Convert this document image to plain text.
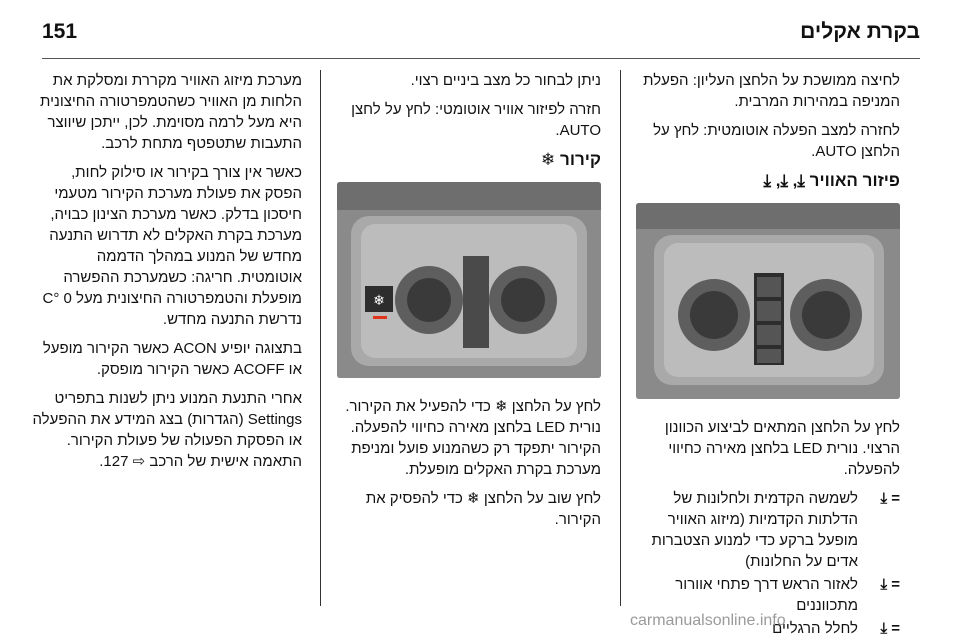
151	בקרת אקלים

לחיצה ממושכת על הלחצן העליון: הפעלת המניפה במהירות המרבית.

לחזרה למצב הפעלה אוטומטית: לחץ על הלחצן AUTO.

פיזור האוויר ⤓, ⤓, ⤓

לחץ על הלחצן המתאים לביצוע הכוונון הרצוי. נורית LED בלחצן מאירה כחיווי להפעלה.

⤓ =
לשמשה הקדמית ולחלונות של הדלתות הקדמיות (מיזוג האוויר מופעל ברקע כדי למנוע הצטברות אדים על החלונות)
⤓ =
לאזור הראש דרך פתחי אוורור מתכווננים
⤓ =
לחלל הרגליים

ניתן לבחור כל מצב ביניים רצוי.

חזרה לפיזור אוויר אוטומטי: לחץ על לחצן AUTO.

קירור ❄
❄

לחץ על הלחצן ❄ כדי להפעיל את הקירור. נורית LED בלחצן מאירה כחיווי להפעלה. הקירור יתפקד רק כשהמנוע פועל ומניפת מערכת בקרת האקלים מופעלת.

לחץ שוב על הלחצן ❄ כדי להפסיק את הקירור.

מערכת מיזוג האוויר מקררת ומסלקת את הלחות מן האוויר כשהטמפרטורה החיצונית היא מעל לרמה מסוימת. לכן, ייתכן שיווצר התעבות שתטפטף מתחת לרכב.

כאשר אין צורך בקירור או סילוק לחות, הפסק את פעולת מערכת הקירור מטעמי חיסכון בדלק. כאשר מערכת הצינון כבויה, מערכת בקרת האקלים לא תדרוש התנעה מחדש של המנוע במהלך הדממה אוטומטית. חריגה: כשמערכת ההפשרה מופעלת והטמפרטורה החיצונית מעל 0 °C נדרשת התנעה מחדש.

בתצוגה יופיע ACON כאשר הקירור מופעל או ACOFF כאשר הקירור מופסק.

אחרי התנעת המנוע ניתן לשנות בתפריט Settings (הגדרות) בצג המידע את ההפעלה או הפסקת הפעולה של פעולת הקירור. התאמה אישית של הרכב ⇨ 127.

carmanualsonline.info
